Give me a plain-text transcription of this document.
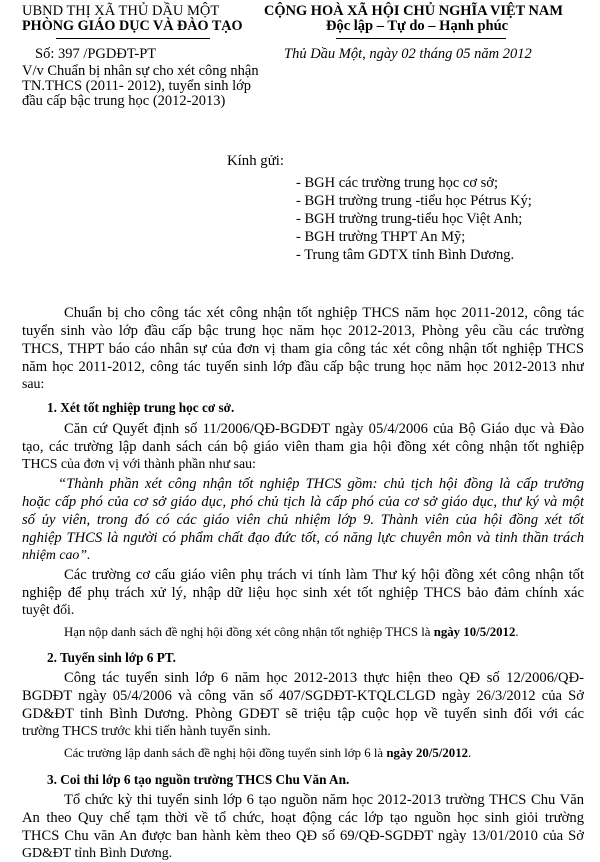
UBND THỊ XÃ THỦ DẦU MỘT
PHÒNG GIÁO DỤC VÀ ĐÀO TẠO
Số: 397 /PGDĐT-PT
V/v Chuẩn bị nhân sự cho xét công nhận
TN.THCS (2011- 2012), tuyển sinh lớp
đầu cấp bậc trung học (2012-2013)
CỘNG HOÀ XÃ HỘI CHỦ NGHĨA VIỆT NAM
Độc lập – Tự do – Hạnh phúc
Thủ Dầu Một, ngày 02 tháng 05 năm 2012
Kính gửi:
- BGH các trường trung học cơ sở;
- BGH trường trung -tiểu học Pétrus Ký;
- BGH trường trung-tiểu học Việt Anh;
- BGH trường THPT An Mỹ;
- Trung tâm GDTX tỉnh Bình Dương.
Chuẩn bị cho công tác xét công nhận tốt nghiệp THCS năm học 2011-2012, công tác
tuyển sinh vào lớp đầu cấp bậc trung học năm học 2012-2013, Phòng yêu cầu các trường
THCS, THPT báo cáo nhân sự của đơn vị tham gia công tác xét công nhận tốt nghiệp THCS
năm học 2011-2012, công tác tuyển sinh lớp đầu cấp bậc trung học năm học 2012-2013 như
sau:
1. Xét tốt nghiệp trung học cơ sở.
Căn cứ Quyết định số 11/2006/QĐ-BGDĐT ngày 05/4/2006 của Bộ Giáo dục và Đào
tạo, các trường lập danh sách cán bộ giáo viên tham gia hội đồng xét công nhận tốt nghiệp
THCS của đơn vị với thành phần như sau:
“Thành phần xét công nhận tốt nghiệp THCS gồm: chủ tịch hội đồng là cấp trưởng
hoặc cấp phó của cơ sở giáo dục, phó chủ tịch là cấp phó của cơ sở giáo dục, thư ký và một
số ủy viên, trong đó có các giáo viên chủ nhiệm lớp 9. Thành viên của hội đồng xét tốt
nghiệp THCS là người có phẩm chất đạo đức tốt, có năng lực chuyên môn và tinh thần trách
nhiệm cao”.
Các trường cơ cấu giáo viên phụ trách vi tính làm Thư ký hội đồng xét công nhận tốt
nghiệp để phụ trách xử lý, nhập dữ liệu học sinh xét tốt nghiệp THCS bảo đảm chính xác
tuyệt đối.
Hạn nộp danh sách đề nghị hội đồng xét công nhận tốt nghiệp THCS là ngày 10/5/2012.
2. Tuyển sinh lớp 6 PT.
Công tác tuyển sinh lớp 6 năm học 2012-2013 thực hiện theo QĐ số 12/2006/QĐ-
BGDĐT ngày 05/4/2006 và công văn số 407/SGDĐT-KTQLCLGD ngày 26/3/2012 của Sở
GD&ĐT tỉnh Bình Dương. Phòng GDĐT sẽ triệu tập cuộc họp về tuyển sinh đối với các
trường THCS trước khi tiến hành tuyển sinh.
Các trường lập danh sách đề nghị hội đồng tuyển sinh lớp 6 là ngày 20/5/2012.
3. Coi thi lớp 6 tạo nguồn trường THCS Chu Văn An.
Tổ chức kỳ thi tuyển sinh lớp 6 tạo nguồn năm học 2012-2013 trường THCS Chu Văn
An theo Quy chế tạm thời về tổ chức, hoạt động các lớp tạo nguồn học sinh giỏi trường
THCS Chu văn An được ban hành kèm theo QĐ số 69/QĐ-SGDĐT ngày 13/01/2010 của Sở
GD&ĐT tỉnh Bình Dương.
